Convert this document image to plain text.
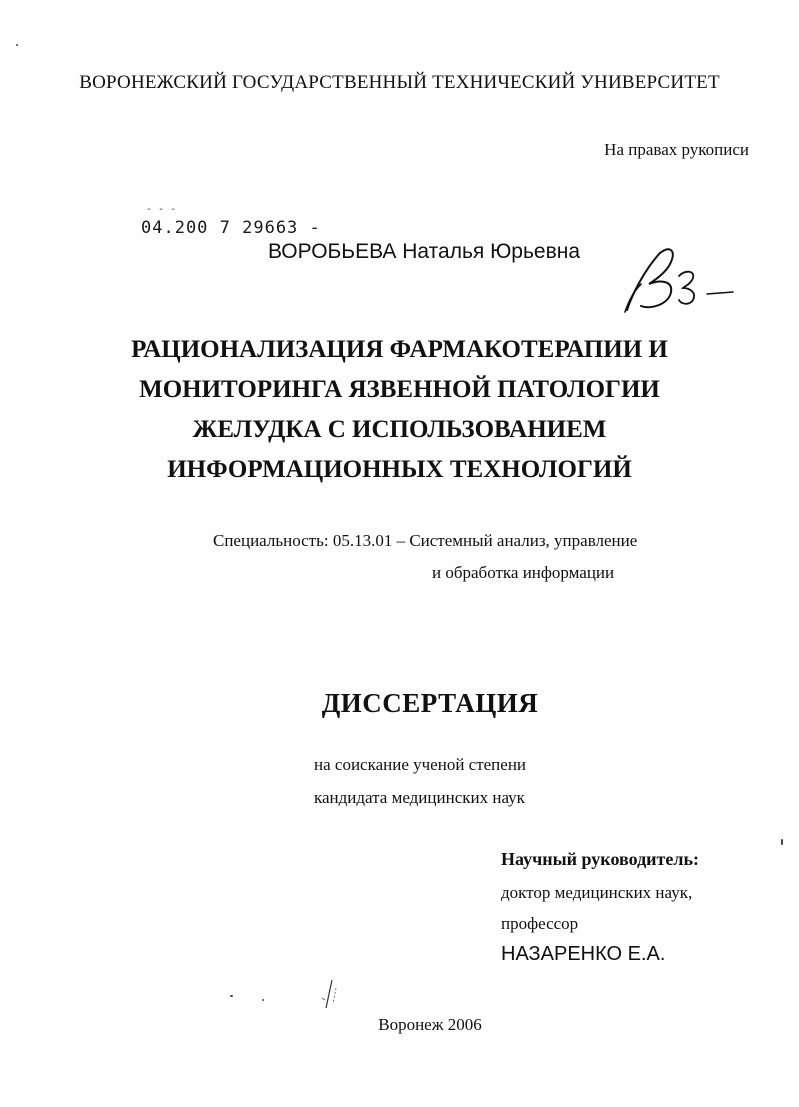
ВОРОНЕЖСКИЙ ГОСУДАРСТВЕННЫЙ ТЕХНИЧЕСКИЙ УНИВЕРСИТЕТ
На правах рукописи
- - -
04.200 7 29663 -
ВОРОБЬЕВА Наталья Юрьевна
РАЦИОНАЛИЗАЦИЯ ФАРМАКОТЕРАПИИ И
МОНИТОРИНГА ЯЗВЕННОЙ ПАТОЛОГИИ
ЖЕЛУДКА С ИСПОЛЬЗОВАНИЕМ
ИНФОРМАЦИОННЫХ ТЕХНОЛОГИЙ
Специальность: 05.13.01 – Системный анализ, управление
и обработка информации
ДИССЕРТАЦИЯ
на соискание ученой степени
кандидата медицинских наук
Научный руководитель:
доктор медицинских наук,
профессор
НАЗАРЕНКО Е.А.
Воронеж 2006
